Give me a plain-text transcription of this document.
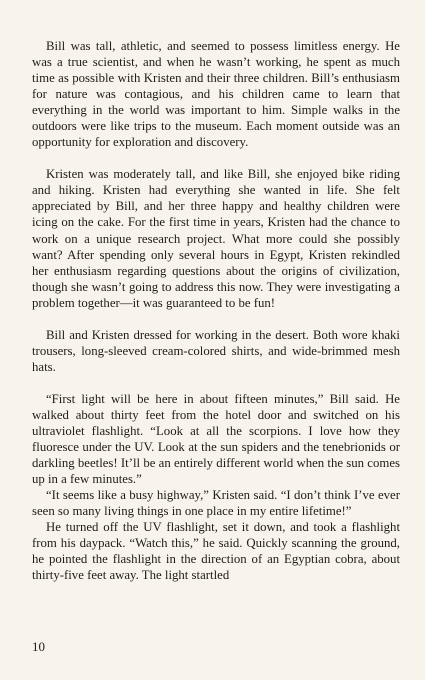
Bill was tall, athletic, and seemed to possess limitless energy. He was a true scientist, and when he wasn’t working, he spent as much time as possible with Kristen and their three children. Bill’s enthusiasm for nature was contagious, and his children came to learn that everything in the world was important to him. Simple walks in the outdoors were like trips to the museum. Each moment outside was an opportunity for exploration and discovery.

Kristen was moderately tall, and like Bill, she enjoyed bike riding and hiking. Kristen had everything she wanted in life. She felt appreciated by Bill, and her three happy and healthy children were icing on the cake. For the first time in years, Kristen had the chance to work on a unique research project. What more could she possibly want? After spending only several hours in Egypt, Kristen rekindled her enthusiasm regarding questions about the origins of civilization, though she wasn’t going to address this now. They were investigating a problem together—it was guaranteed to be fun!

Bill and Kristen dressed for working in the desert. Both wore khaki trousers, long-sleeved cream-colored shirts, and wide-brimmed mesh hats.

“First light will be here in about fifteen minutes,” Bill said. He walked about thirty feet from the hotel door and switched on his ultraviolet flashlight. “Look at all the scorpions. I love how they fluoresce under the UV. Look at the sun spiders and the tenebrionids or darkling beetles! It’ll be an entirely different world when the sun comes up in a few minutes.”

“It seems like a busy highway,” Kristen said. “I don’t think I’ve ever seen so many living things in one place in my entire lifetime!”

He turned off the UV flashlight, set it down, and took a flashlight from his daypack. “Watch this,” he said. Quickly scanning the ground, he pointed the flashlight in the direction of an Egyptian cobra, about thirty-five feet away. The light startled

10
